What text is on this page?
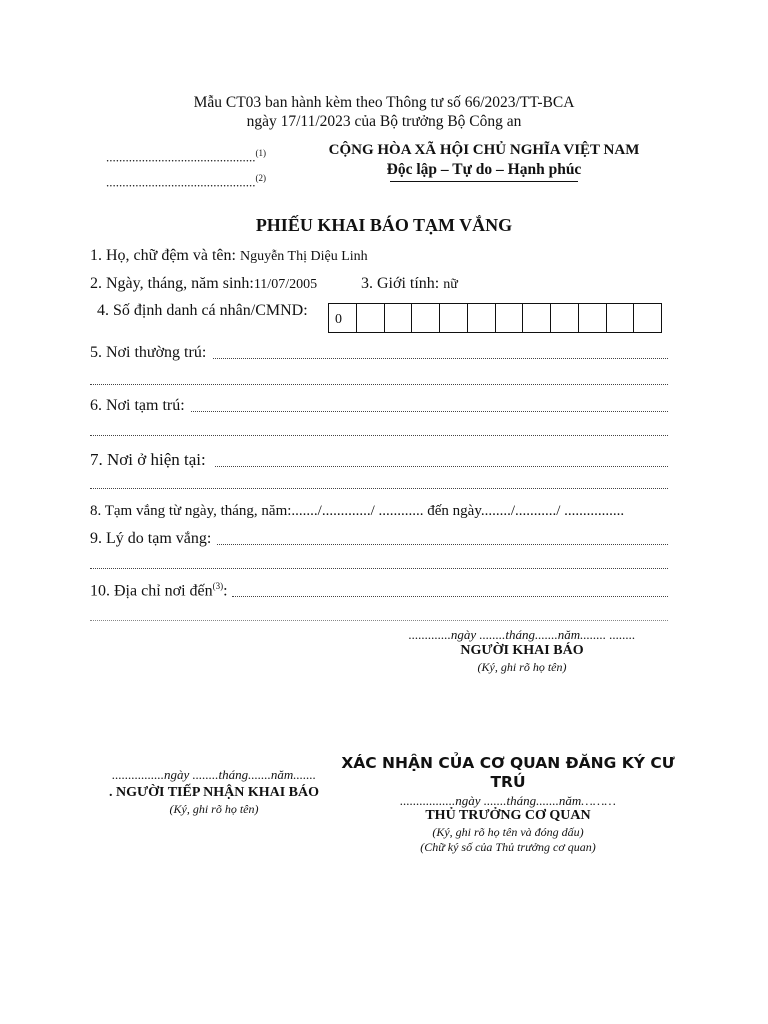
Mẫu CT03 ban hành kèm theo Thông tư số 66/2023/TT-BCA
ngày 17/11/2023 của Bộ trưởng Bộ Công an
..............................................$^{(1)}$
..............................................$^{(2)}$
CỘNG HÒA XÃ HỘI CHỦ NGHĨA VIỆT NAM
Độc lập – Tự do – Hạnh phúc
PHIẾU KHAI BÁO TẠM VẮNG
1. Họ, chữ đệm và tên: Nguyễn Thị Diệu Linh
2. Ngày, tháng, năm sinh:11/07/2005	3. Giới tính: nữ
4. Số định danh cá nhân/CMND:
0
5. Nơi thường trú:
6. Nơi tạm trú:
7. Nơi ở hiện tại:
8. Tạm vắng từ ngày, tháng, năm:......./............./ ............ đến ngày......../.........../ ................
9. Lý do tạm vắng:
10. Địa chỉ nơi đến$^{(3)}$:
.............ngày ........tháng.......năm........ ........
NGƯỜI KHAI BÁO
(Ký, ghi rõ họ tên)
................ngày ........tháng.......năm.......
. NGƯỜI TIẾP NHẬN KHAI BÁO
(Ký, ghi rõ họ tên)
XÁC NHẬN CỦA CƠ QUAN ĐĂNG KÝ CƯ
TRÚ
.................ngày .......tháng.......năm………
THỦ TRƯỞNG CƠ QUAN
(Ký, ghi rõ họ tên và đóng dấu)
(Chữ ký số của Thủ trưởng cơ quan)
